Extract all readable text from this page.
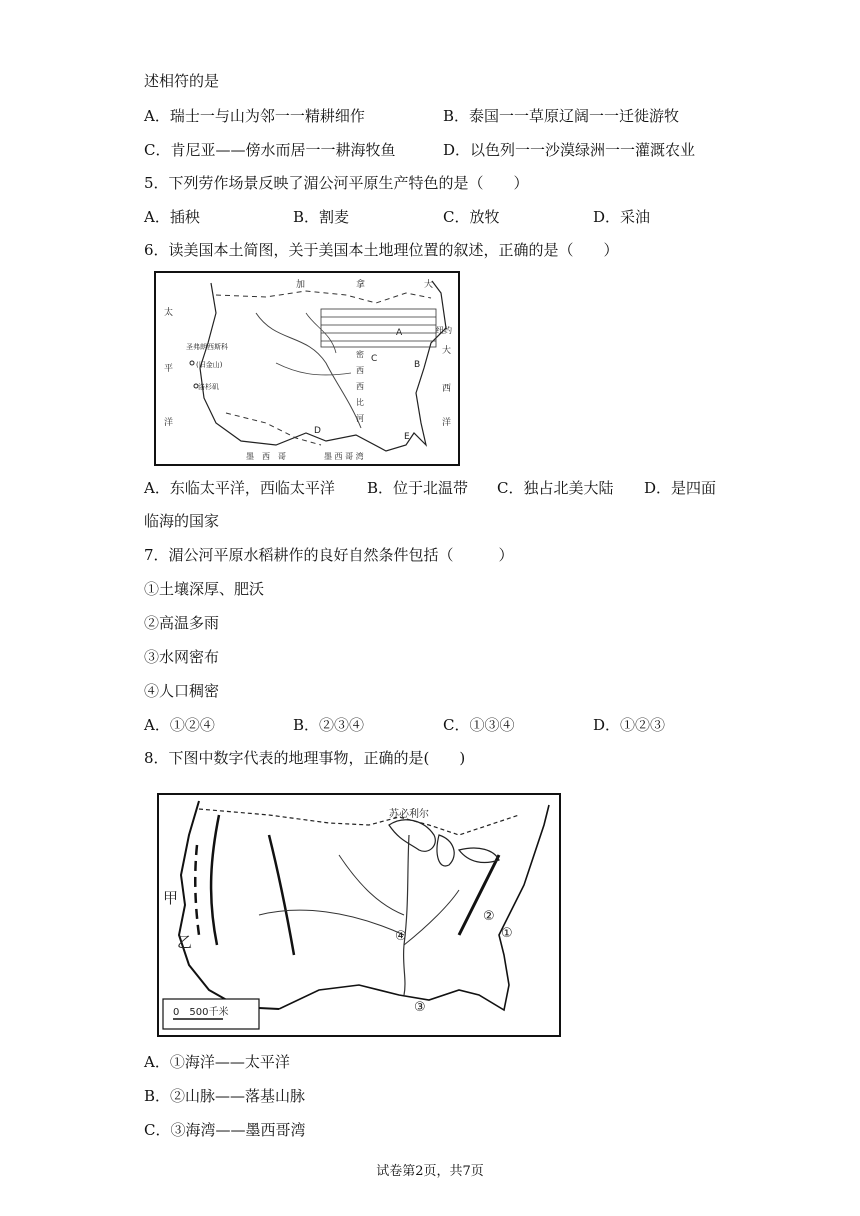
述相符的是
A．瑞士一与山为邻一一精耕细作	B．泰国一一草原辽阔一一迁徙游牧
C．肯尼亚——傍水而居一一耕海牧鱼	D．以色列一一沙漠绿洲一一灌溉农业
5．下列劳作场景反映了湄公河平原生产特色的是（　　）
A．插秧	B．割麦	C．放牧	D．采油
6．读美国本土简图，关于美国本土地理位置的叙述，正确的是（　　）
加	拿	大
太
平
洋
大
西
洋
圣弗朗西斯科
(旧金山)
洛杉矶
纽约
墨　西　哥	墨 西 哥 湾
密
西
西
比
河
A
B
C
D
E
A．东临太平洋，西临太平洋 B．位于北温带 C．独占北美大陆 D．是四面
临海的国家
7．湄公河平原水稻耕作的良好自然条件包括（　　　）
①土壤深厚、肥沃
②高温多雨
③水网密布
④人口稠密
A．①②④	B．②③④	C．①③④	D．①②③
8．下图中数字代表的地理事物，正确的是(　　)
苏必利尔
甲
乙	①
②
③
④
0　500千米
A．①海洋——太平洋
B．②山脉——落基山脉
C．③海湾——墨西哥湾
试卷第2页，共7页
